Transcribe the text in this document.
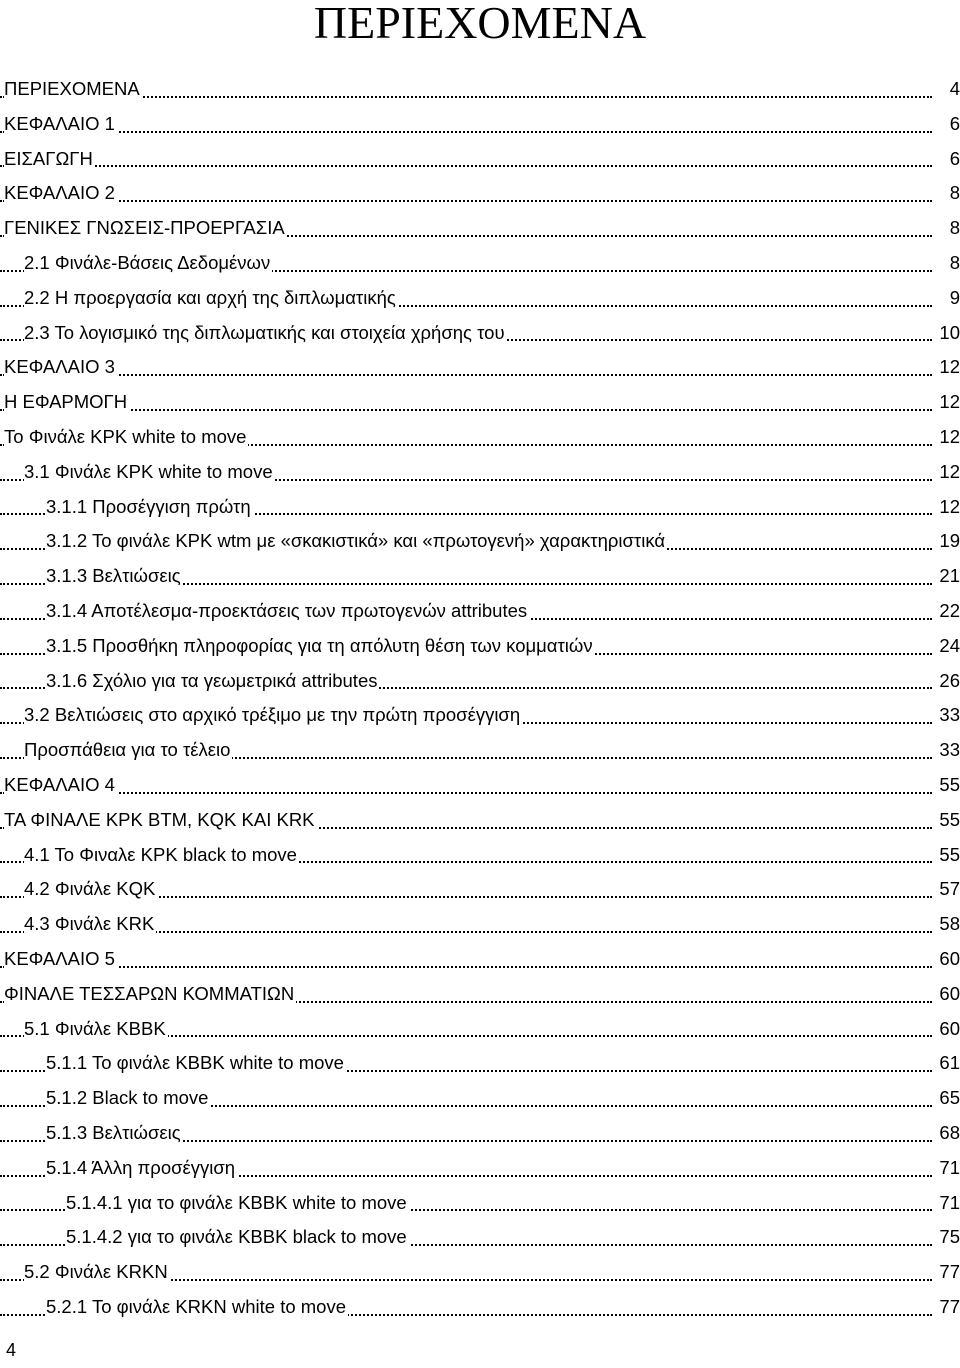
ΠΕΡΙΕΧΟΜΕΝΑ
ΠΕΡΙΕΧΟΜΕΝΑ	4
ΚΕΦΑΛΑΙΟ 1	6
ΕΙΣΑΓΩΓΗ	6
ΚΕΦΑΛΑΙΟ 2	8
ΓΕΝΙΚΕΣ ΓΝΩΣΕΙΣ-ΠΡΟΕΡΓΑΣΙΑ	8
2.1 Φινάλε-Βάσεις Δεδομένων	8
2.2 Η προεργασία και αρχή της διπλωματικής	9
2.3 Το λογισμικό της διπλωματικής και στοιχεία χρήσης του	10
ΚΕΦΑΛΑΙΟ 3	12
Η ΕΦΑΡΜΟΓΗ	12
Το Φινάλε KPK white to move	12
3.1 Φινάλε KPK white to move	12
3.1.1 Προσέγγιση πρώτη	12
3.1.2 Το φινάλε KPK wtm με «σκακιστικά» και «πρωτογενή» χαρακτηριστικά	19
3.1.3 Βελτιώσεις	21
3.1.4 Αποτέλεσμα-προεκτάσεις των πρωτογενών attributes	22
3.1.5 Προσθήκη πληροφορίας για τη απόλυτη θέση των κομματιών	24
3.1.6 Σχόλιο για τα γεωμετρικά attributes	26
3.2 Βελτιώσεις στο αρχικό τρέξιμο με την πρώτη προσέγγιση	33
Προσπάθεια για το τέλειο	33
ΚΕΦΑΛΑΙΟ 4	55
ΤΑ ΦΙΝΑΛΕ KPK BTM, KQK ΚΑΙ KRK	55
4.1 Το Φιναλε KPK black to move	55
4.2 Φινάλε KQK	57
4.3 Φινάλε KRK	58
ΚΕΦΑΛΑΙΟ 5	60
ΦΙΝΑΛΕ ΤΕΣΣΑΡΩΝ ΚΟΜΜΑΤΙΩΝ	60
5.1 Φινάλε KBBK	60
5.1.1 Το φινάλε KBBK white to move	61
5.1.2 Black to move	65
5.1.3 Βελτιώσεις	68
5.1.4 Άλλη προσέγγιση	71
5.1.4.1 για το φινάλε KBBK white to move	71
5.1.4.2 για το φινάλε KBBK black to move	75
5.2 Φινάλε KRKN	77
5.2.1 Το φινάλε KRKN white to move	77
4
